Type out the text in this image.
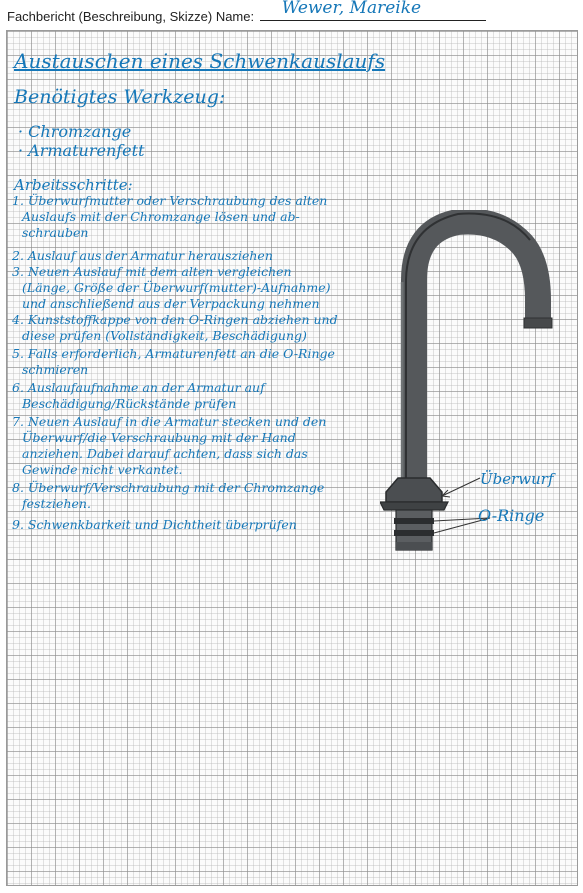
Fachbericht (Beschreibung, Skizze) Name: Wewer, Mareike
Austauschen eines Schwenkauslaufs
Benötigtes Werkzeug:
· Chromzange
· Armaturenfett
Arbeitsschritte:
1. Überwurfmutter oder Verschraubung des alten
Auslaufs mit der Chromzange lösen und ab-
schrauben
2. Auslauf aus der Armatur herausziehen
3. Neuen Auslauf mit dem alten vergleichen
(Länge, Größe der Überwurf(mutter)-Aufnahme)
und anschließend aus der Verpackung nehmen
4. Kunststoffkappe von den O-Ringen abziehen und
diese prüfen (Vollständigkeit, Beschädigung)
5. Falls erforderlich, Armaturenfett an die O-Ringe
schmieren
6. Auslaufaufnahme an der Armatur auf
Beschädigung/Rückstände prüfen
7. Neuen Auslauf in die Armatur stecken und den
Überwurf/die Verschraubung mit der Hand
anziehen. Dabei darauf achten, dass sich das
Gewinde nicht verkantet.
8. Überwurf/Verschraubung mit der Chromzange
festziehen.
9. Schwenkbarkeit und Dichtheit überprüfen
Überwurf
O-Ringe
